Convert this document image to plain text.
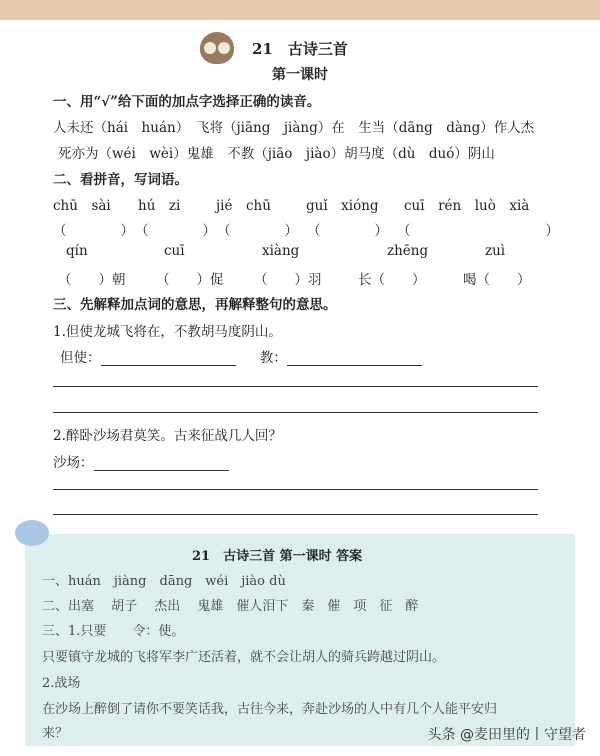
21　 古诗三首
第一课时
一、用“√”给下面的加点字选择正确的读音。
人未还（hái　huán）　飞将（jiāng　jiàng）在　生当（dāng　dàng）作人杰
死亦为（wéi　wèi）鬼雄　不教（jiāo　jiào）胡马度（dù　duó）阴山
二、看拼音，写词语。
chū　sài hú　zi	jié　chū	guǐ　xióng cuī　rén　luò　xià
（　　　　）（　　　　）（　　　　） （　　　　） （　　　　　　　　　　）
qín	cuī	xiàng	zhēng	zuì
（　　）朝 （　　）促 （　　）羽	长（　　）	喝（　　）
三、先解释加点词的意思，再解释整句的意思。
1.但使龙城飞将在，不教胡马度阴山。
但使：	教：
2.醉卧沙场君莫笑。古来征战几人回？
沙场：
21　古诗三首 第一课时 答案
一、huán　jiàng　dāng　wéi　jiào dù
二、出塞　 胡子　 杰出　 鬼雄　催人泪下　秦　催　项　征　醉
三、1.只要　　令：使。
只要镇守龙城的飞将军李广还活着，就不会让胡人的骑兵跨越过阴山。
2.战场
在沙场上醉倒了请你不要笑话我，古往今来，奔赴沙场的人中有几个人能平安归
来？	头条 @麦田里的丨守望者
